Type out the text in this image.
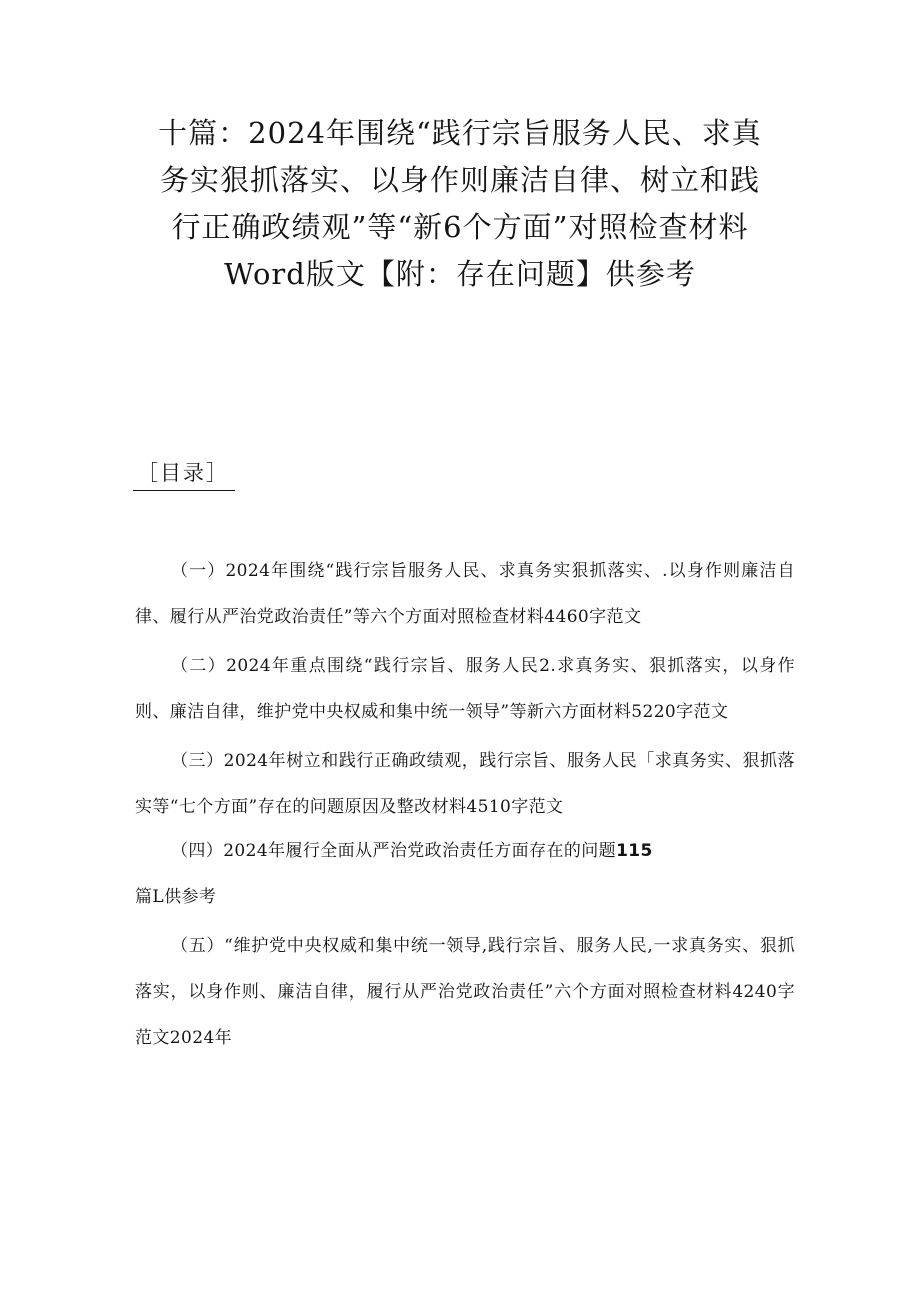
十篇：2024年围绕“践行宗旨服务人民、求真务实狠抓落实、以身作则廉洁自律、树立和践行正确政绩观”等“新6个方面”对照检查材料Word版文【附：存在问题】供参考
［目录］
（一）2024年围绕“践行宗旨服务人民、求真务实狠抓落实、.以身作则廉洁自律、履行从严治党政治责任”等六个方面对照检查材料4460字范文
（二）2024年重点围绕“践行宗旨、服务人民2.求真务实、狠抓落实，以身作则、廉洁自律，维护党中央权威和集中统一领导”等新六方面材料5220字范文
（三）2024年树立和践行正确政绩观，践行宗旨、服务人民「求真务实、狠抓落实等“七个方面”存在的问题原因及整改材料4510字范文
（四）2024年履行全面从严治党政治责任方面存在的问题115
篇L供参考
（五）“维护党中央权威和集中统一领导,践行宗旨、服务人民,一求真务实、狠抓落实，以身作则、廉洁自律，履行从严治党政治责任”六个方面对照检查材料4240字范文2024年
